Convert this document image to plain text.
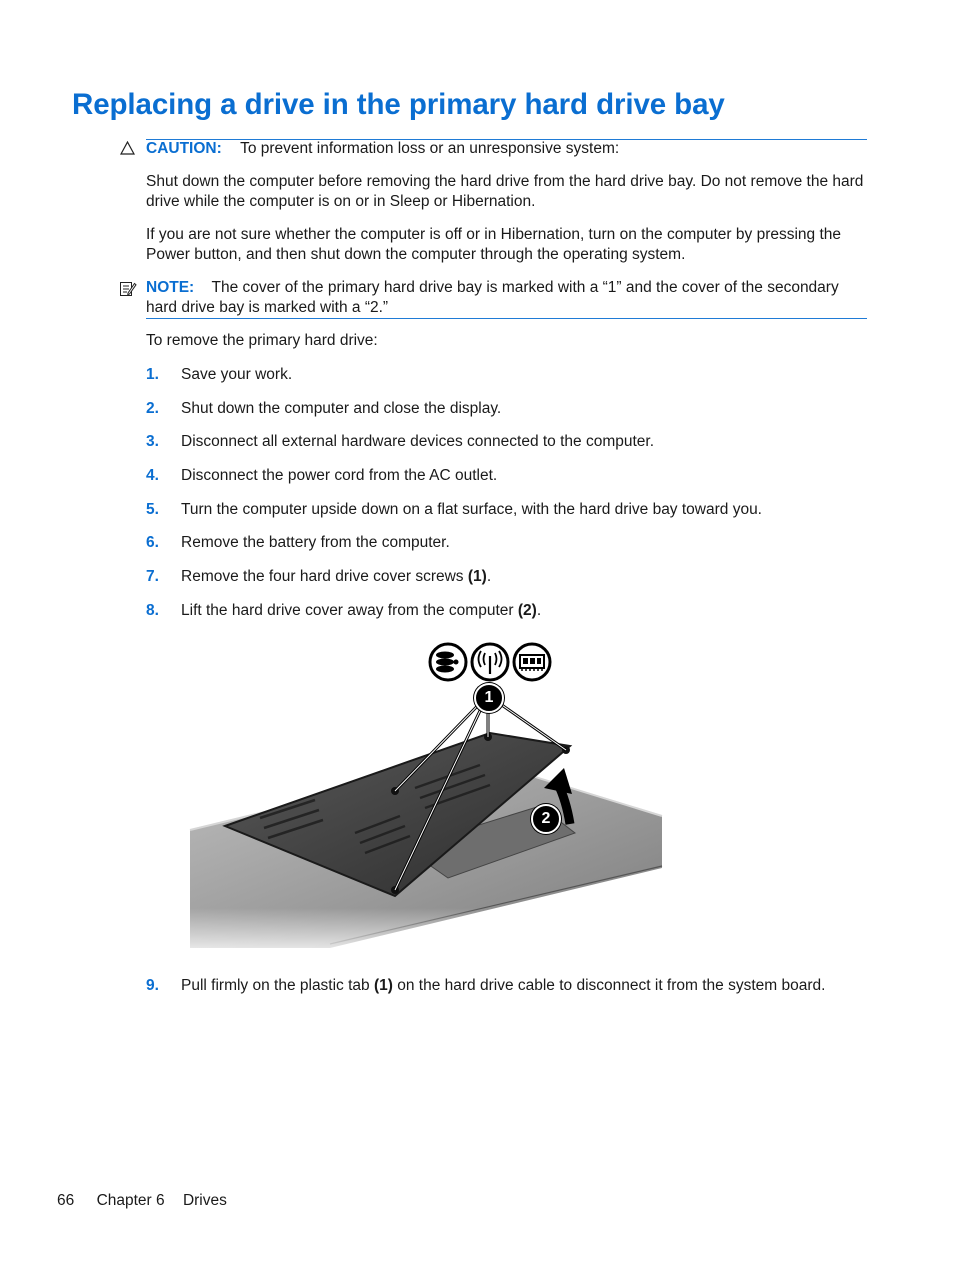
Replacing a drive in the primary hard drive bay
CAUTION: To prevent information loss or an unresponsive system:
Shut down the computer before removing the hard drive from the hard drive bay. Do not remove the hard drive while the computer is on or in Sleep or Hibernation.
If you are not sure whether the computer is off or in Hibernation, turn on the computer by pressing the Power button, and then shut down the computer through the operating system.
NOTE: The cover of the primary hard drive bay is marked with a “1” and the cover of the secondary hard drive bay is marked with a “2.”
To remove the primary hard drive:
1. Save your work.
2. Shut down the computer and close the display.
3. Disconnect all external hardware devices connected to the computer.
4. Disconnect the power cord from the AC outlet.
5. Turn the computer upside down on a flat surface, with the hard drive bay toward you.
6. Remove the battery from the computer.
7. Remove the four hard drive cover screws (1).
8. Lift the hard drive cover away from the computer (2).
1
2
9. Pull firmly on the plastic tab (1) on the hard drive cable to disconnect it from the system board.
66 Chapter 6 Drives
